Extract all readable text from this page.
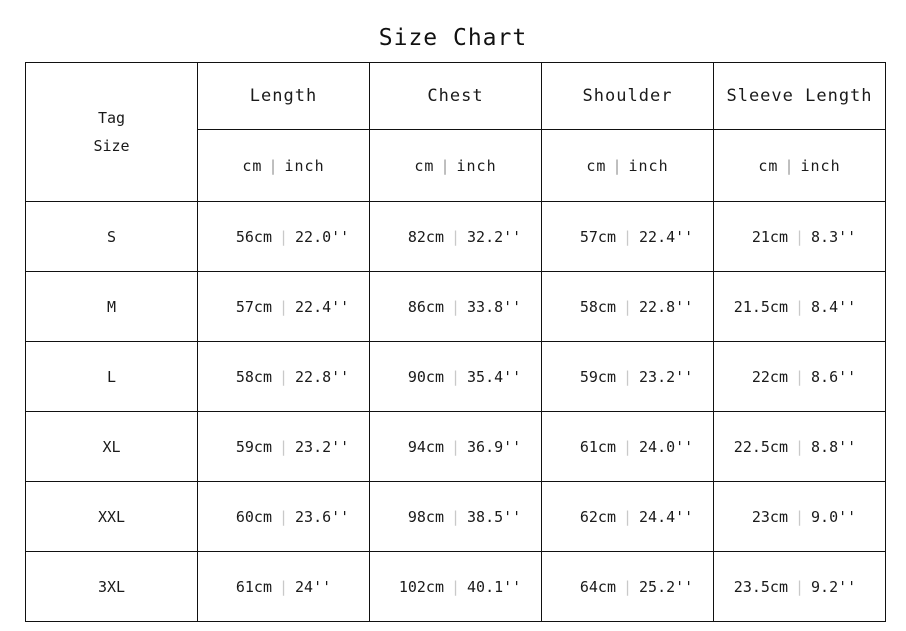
Size Chart
Tag
Size	Length	Chest	Shoulder	Sleeve Length
	cm | inch	cm | inch	cm | inch	cm | inch
S	56cm | 22.0''	82cm | 32.2''	57cm | 22.4''	21cm | 8.3''
M	57cm | 22.4''	86cm | 33.8''	58cm | 22.8''	21.5cm | 8.4''
L	58cm | 22.8''	90cm | 35.4''	59cm | 23.2''	22cm | 8.6''
XL	59cm | 23.2''	94cm | 36.9''	61cm | 24.0''	22.5cm | 8.8''
XXL	60cm | 23.6''	98cm | 38.5''	62cm | 24.4''	23cm | 9.0''
3XL	61cm | 24''	102cm | 40.1''	64cm | 25.2''	23.5cm | 9.2''
